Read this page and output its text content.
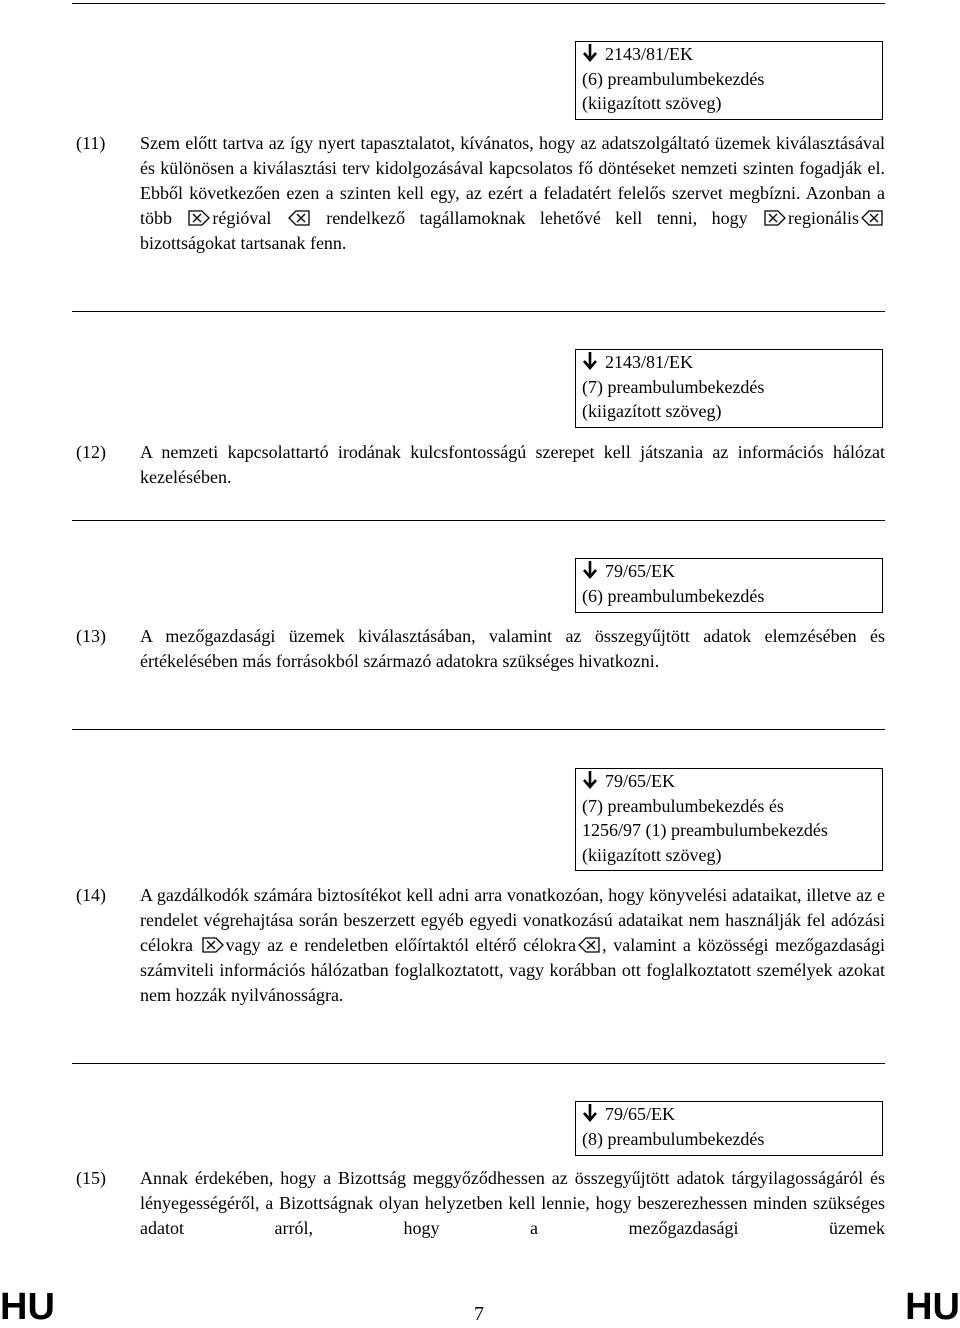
2143/81/EK
(6) preambulumbekezdés
(kiigazított szöveg)
(11) Szem előtt tartva az így nyert tapasztalatot, kívánatos, hogy az adatszolgáltató üzemek kiválasztásával és különösen a kiválasztási terv kidolgozásával kapcsolatos fő döntéseket nemzeti szinten fogadják el. Ebből következően ezen a szinten kell egy, az ezért a feladatért felelős szervet megbízni. Azonban a több régióval  rendelkező tagállamoknak lehetővé kell tenni, hogy regionális bizottságokat tartsanak fenn.
2143/81/EK
(7) preambulumbekezdés
(kiigazított szöveg)
(12) A nemzeti kapcsolattartó irodának kulcsfontosságú szerepet kell játszania az információs hálózat kezelésében.
79/65/EK
(6) preambulumbekezdés
(13) A mezőgazdasági üzemek kiválasztásában, valamint az összegyűjtött adatok elemzésében és értékelésében más forrásokból származó adatokra szükséges hivatkozni.
79/65/EK
(7) preambulumbekezdés és
1256/97 (1) preambulumbekezdés
(kiigazított szöveg)
(14) A gazdálkodók számára biztosítékot kell adni arra vonatkozóan, hogy könyvelési adataikat, illetve az e rendelet végrehajtása során beszerzett egyéb egyedi vonatkozású adataikat nem használják fel adózási célokra vagy az e rendeletben előírtaktól eltérő célokra , valamint a közösségi mezőgazdasági számviteli információs hálózatban foglalkoztatott, vagy korábban ott foglalkoztatott személyek azokat nem hozzák nyilvánosságra.
79/65/EK
(8) preambulumbekezdés
(15) Annak érdekében, hogy a Bizottság meggyőződhessen az összegyűjtött adatok tárgyilagosságáról és lényegességéről, a Bizottságnak olyan helyzetben kell lennie, hogy beszerezhessen minden szükséges adatot arról, hogy a mezőgazdasági üzemek
HU	7	HU
